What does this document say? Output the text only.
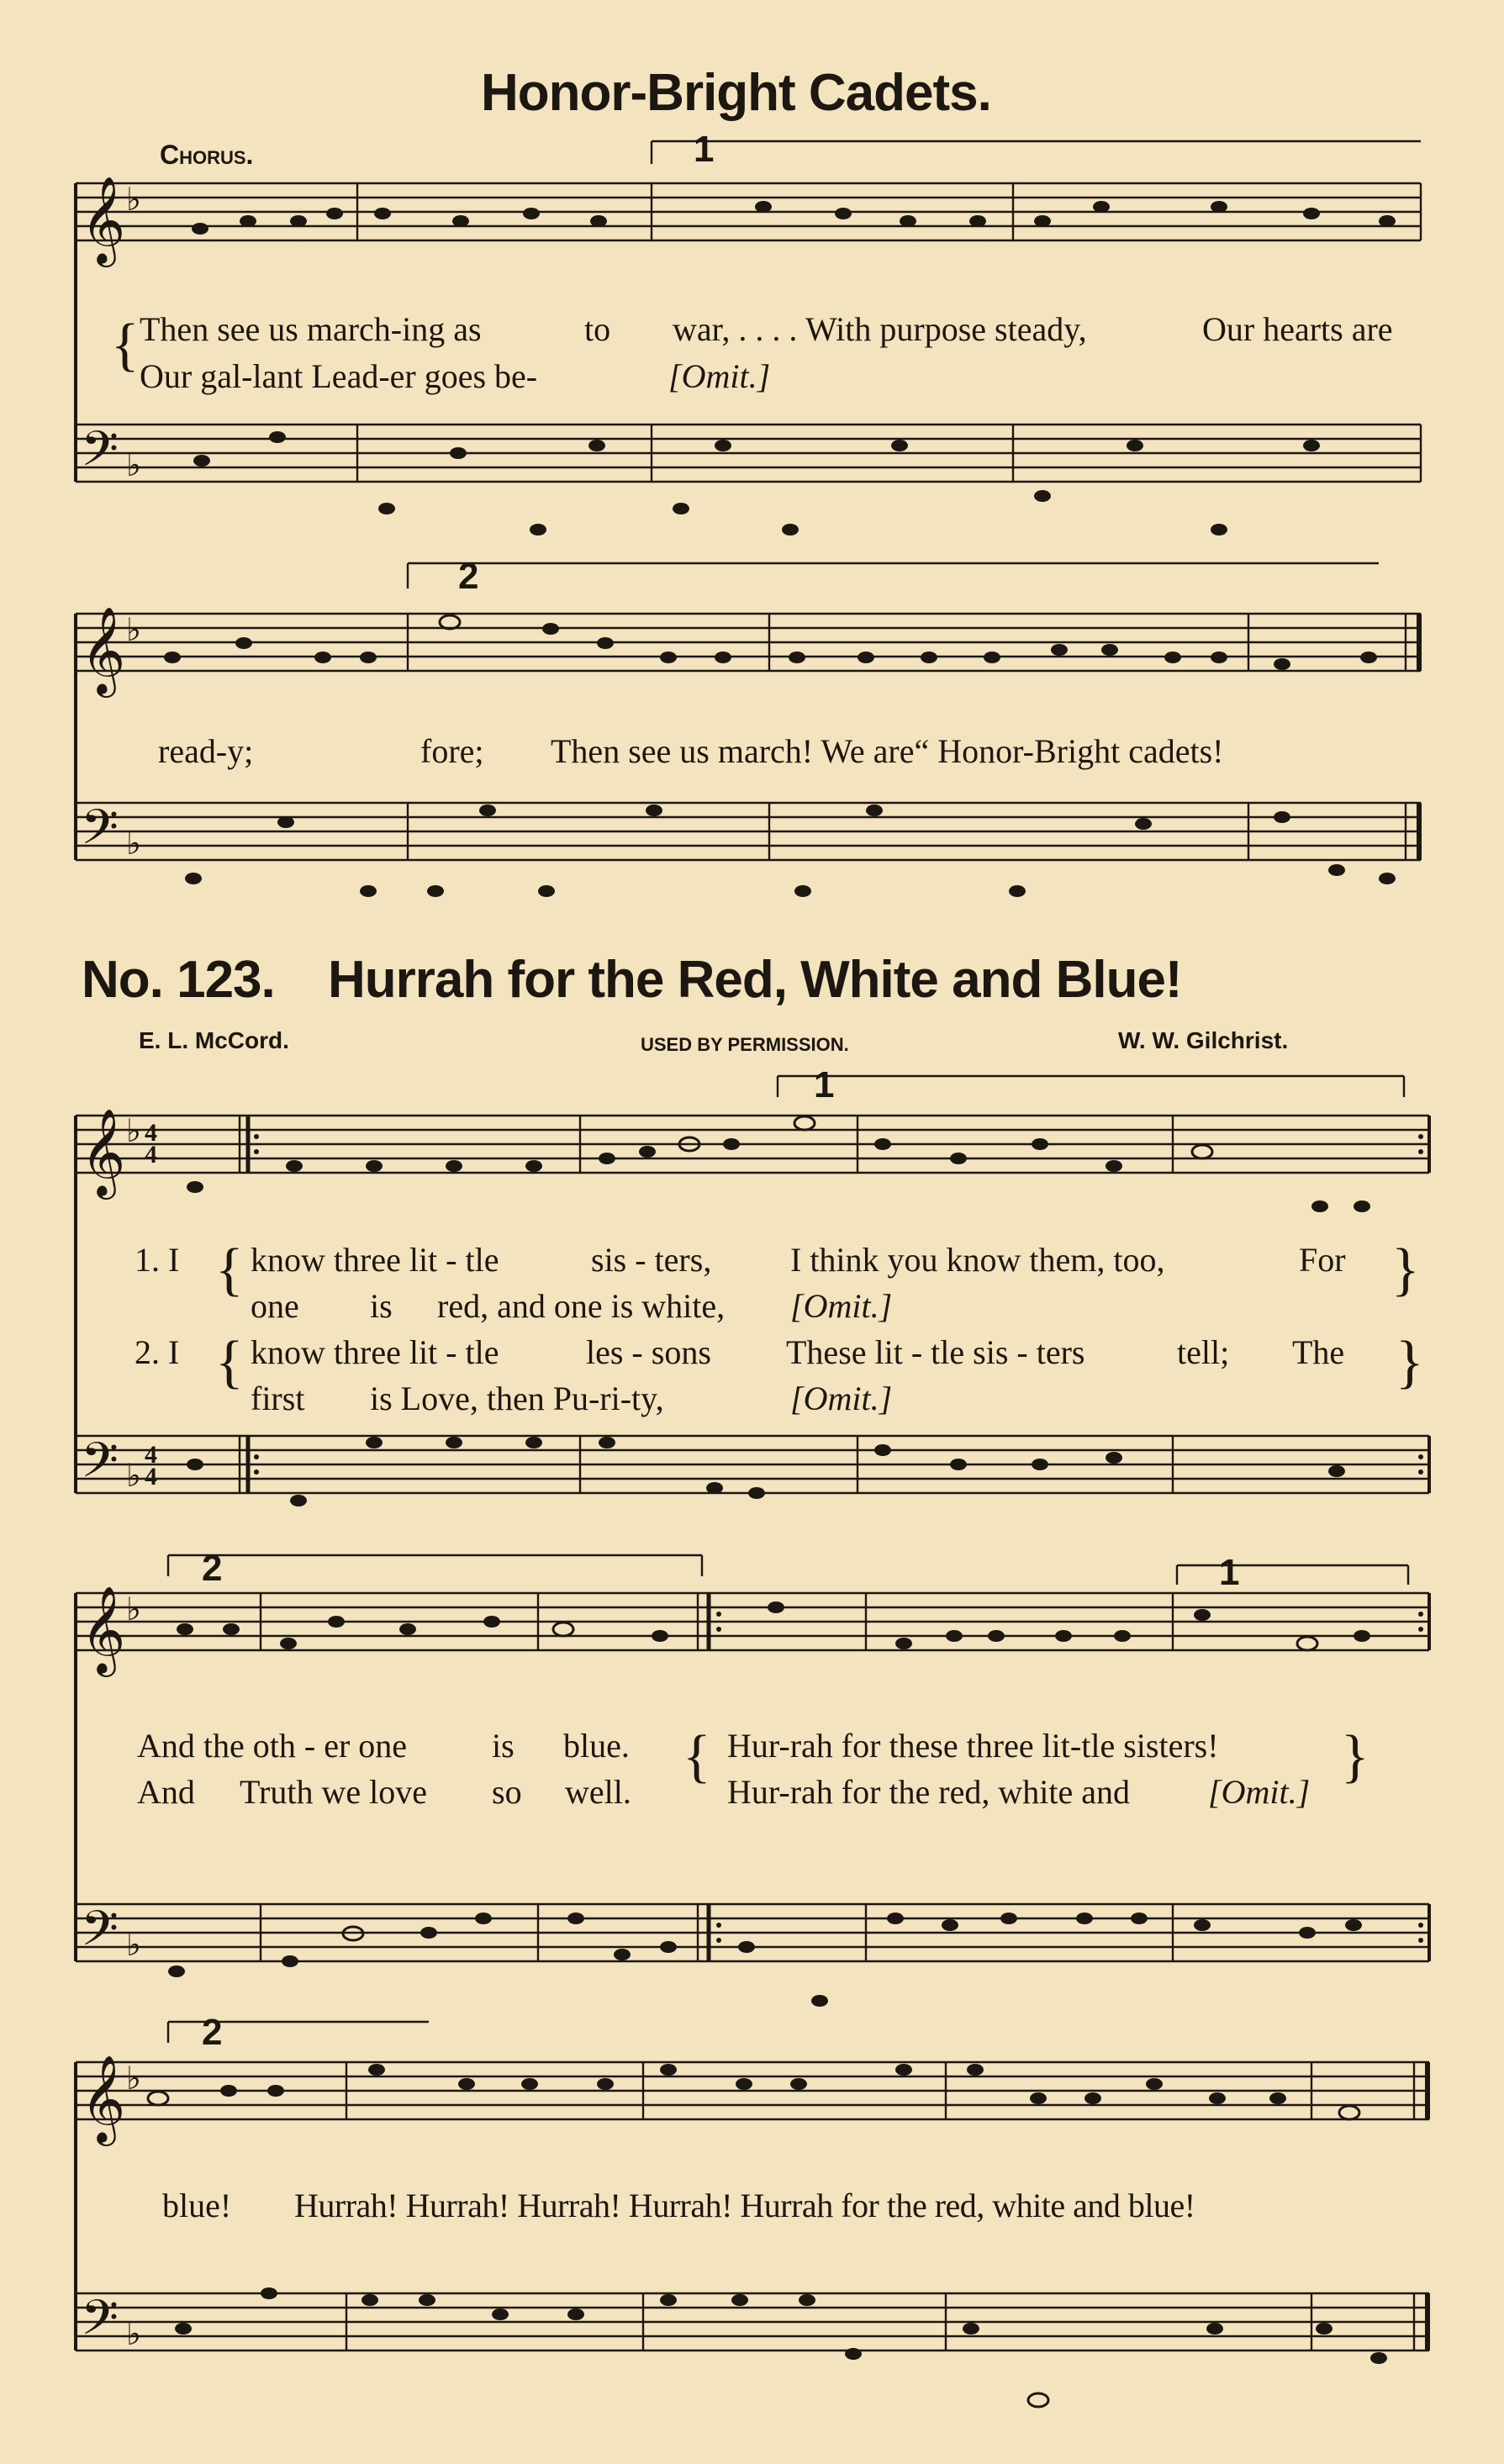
Honor-Bright Cadets.
Chorus.
𝄞 ♭
𝄢 ♭
1
{ Then see us march-ing as	to war, . . . . With purpose steady,	Our hearts are
Our gal-lant Lead-er goes be-	[Omit.]
𝄞 ♭
𝄢 ♭
2
read-y;	fore; Then see us march! We are“ Honor-Bright cadets!
No. 123. Hurrah for the Red, White and Blue!
E. L. McCord.	USED BY PERMISSION.	W. W. Gilchrist.
𝄞 ♭ 4
4
𝄢 ♭
4
4
1
1. I { know three lit - tle	sis - ters, I think you know them, too,	For }
one is red, and one is white, [Omit.]
2. I { know three lit - tle	les - sons These lit - tle sis - ters	tell; The }
first is Love, then Pu-ri-ty,	[Omit.]
𝄞 ♭
𝄢 ♭
2	1
And the oth - er one	is blue.
And Truth we love so well.
{ Hur-rah for these three lit-tle sisters!
Hur-rah for the red, white and [Omit.]
}
𝄞 ♭
𝄢 ♭
2
blue! Hurrah! Hurrah! Hurrah! Hurrah! Hurrah for the red, white and blue!
